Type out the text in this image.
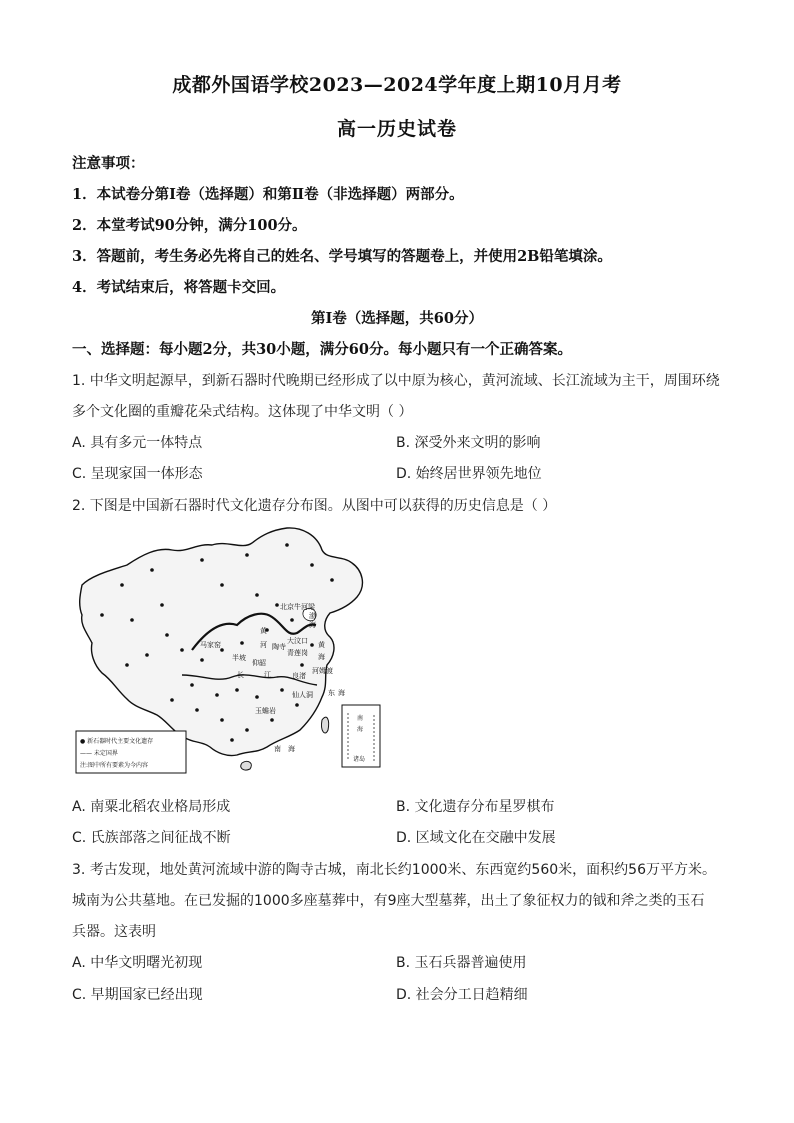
成都外国语学校2023—2024学年度上期10月月考
高一历史试卷
注意事项：
1．本试卷分第Ⅰ卷（选择题）和第Ⅱ卷（非选择题）两部分。
2．本堂考试90分钟，满分100分。
3．答题前，考生务必先将自己的姓名、学号填写的答题卷上，并使用2B铅笔填涂。
4．考试结束后，将答题卡交回。
第Ⅰ卷（选择题，共60分）
一、选择题：每小题2分，共30小题，满分60分。每小题只有一个正确答案。
1. 中华文明起源早，到新石器时代晚期已经形成了以中原为核心，黄河流域、长江流域为主干，周围环绕
多个文化圈的重瓣花朵式结构。这体现了中华文明（ ）
A. 具有多元一体特点	B. 深受外来文明的影响
C. 呈现家国一体形态	D. 始终居世界领先地位
2. 下图是中国新石器时代文化遗存分布图。从图中可以获得的历史信息是（ ）
北京 牛河梁
黄
河
渤
海
马家窑
半坡
仰韶
陶寺
大汶口
青莲岗
黄
海
长	江	良渚
河姆渡
仙人洞 东 海
玉蟾岩
南 海
南
海
诸岛
● 新石器时代主要文化遗存
—— 未定国界
注:图中所有要素为今内容
A. 南粟北稻农业格局形成	B. 文化遗存分布星罗棋布
C. 氏族部落之间征战不断	D. 区域文化在交融中发展
3. 考古发现，地处黄河流域中游的陶寺古城，南北长约1000米、东西宽约560米，面积约56万平方米。
城南为公共墓地。在已发掘的1000多座墓葬中，有9座大型墓葬，出土了象征权力的钺和斧之类的玉石
兵器。这表明
A. 中华文明曙光初现	B. 玉石兵器普遍使用
C. 早期国家已经出现	D. 社会分工日趋精细
